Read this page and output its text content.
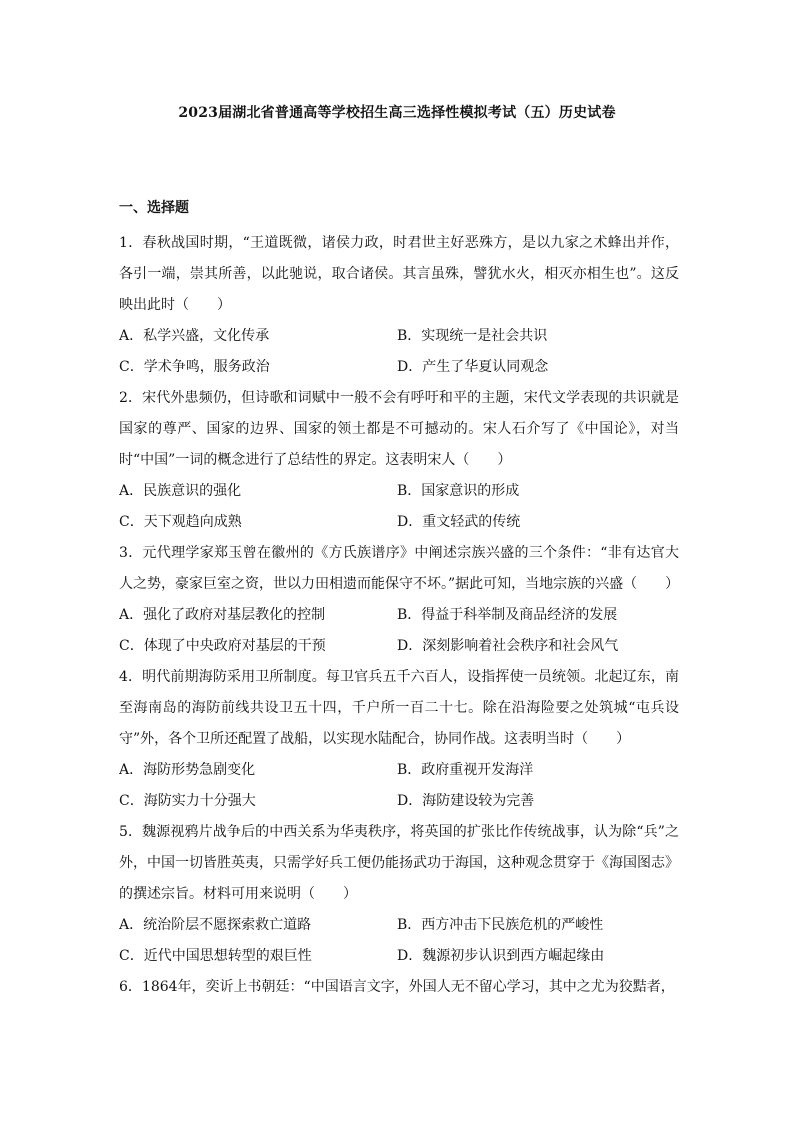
2023届湖北省普通高等学校招生高三选择性模拟考试（五）历史试卷
一、选择题
1．春秋战国时期，“王道既微，诸侯力政，时君世主好恶殊方，是以九家之术蜂出并作，各引一端，崇其所善，以此驰说，取合诸侯。其言虽殊，譬犹水火，相灭亦相生也”。这反映出此时（　　）
A．私学兴盛，文化传承	B．实现统一是社会共识
C．学术争鸣，服务政治	D．产生了华夏认同观念
2．宋代外患频仍，但诗歌和词赋中一般不会有呼吁和平的主题，宋代文学表现的共识就是国家的尊严、国家的边界、国家的领土都是不可撼动的。宋人石介写了《中国论》，对当时“中国”一词的概念进行了总结性的界定。这表明宋人（　　）
A．民族意识的强化	B．国家意识的形成
C．天下观趋向成熟	D．重文轻武的传统
3．元代理学家郑玉曾在徽州的《方氏族谱序》中阐述宗族兴盛的三个条件：“非有达官大人之势，豪家巨室之资，世以力田相遗而能保守不坏。”据此可知，当地宗族的兴盛（　　）
A．强化了政府对基层教化的控制	B．得益于科举制及商品经济的发展
C．体现了中央政府对基层的干预	D．深刻影响着社会秩序和社会风气
4．明代前期海防采用卫所制度。每卫官兵五千六百人，设指挥使一员统领。北起辽东，南至海南岛的海防前线共设卫五十四，千户所一百二十七。除在沿海险要之处筑城“屯兵设守”外，各个卫所还配置了战船，以实现水陆配合，协同作战。这表明当时（　　）
A．海防形势急剧变化	B．政府重视开发海洋
C．海防实力十分强大	D．海防建设较为完善
5．魏源视鸦片战争后的中西关系为华夷秩序，将英国的扩张比作传统战事，认为除“兵”之外，中国一切皆胜英夷，只需学好兵工便仍能扬武功于海国，这种观念贯穿于《海国图志》的撰述宗旨。材料可用来说明（　　）
A．统治阶层不愿探索救亡道路	B．西方冲击下民族危机的严峻性
C．近代中国思想转型的艰巨性	D．魏源初步认识到西方崛起缘由
6．1864年，奕䜣上书朝廷：“中国语言文字，外国人无不留心学习，其中之尤为狡黠者，
